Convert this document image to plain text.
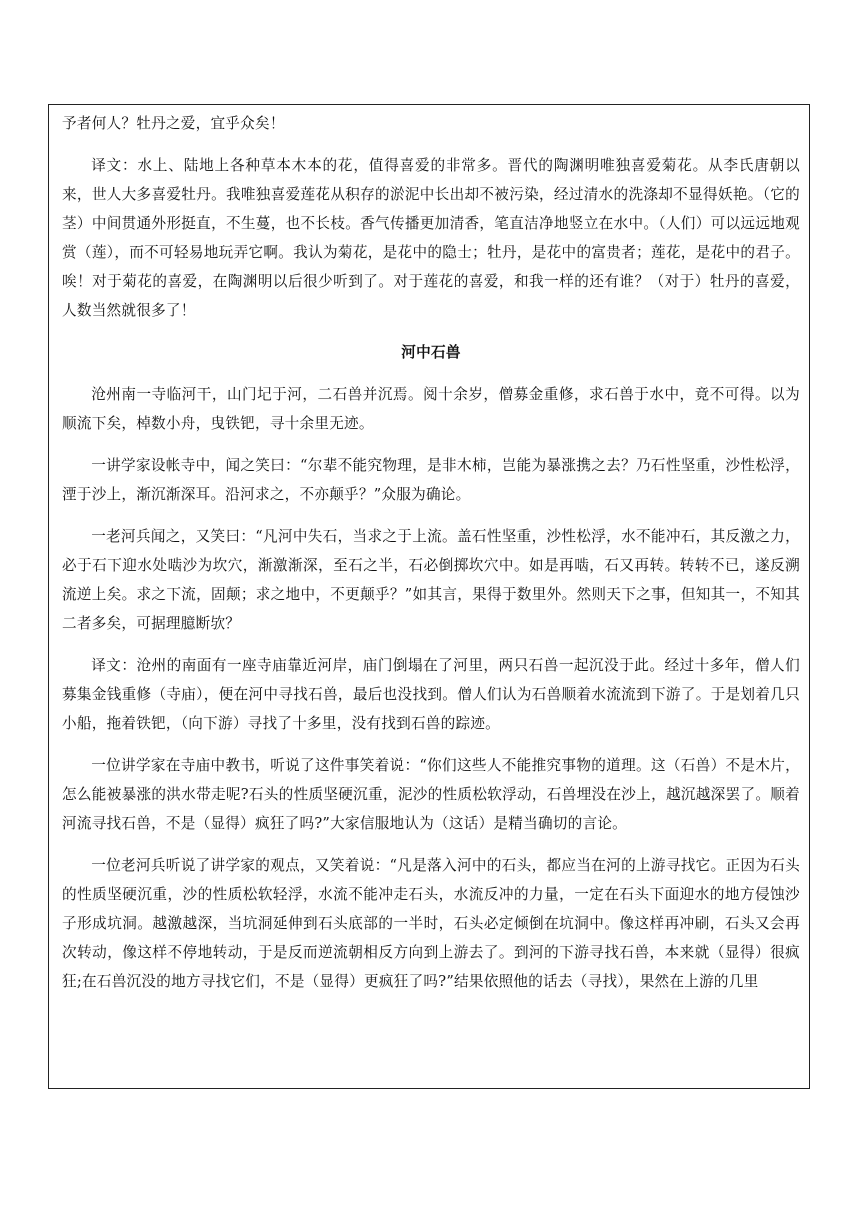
予者何人？牡丹之爱，宜乎众矣！

译文：水上、陆地上各种草本木本的花，值得喜爱的非常多。晋代的陶渊明唯独喜爱菊花。从李氏唐朝以来，世人大多喜爱牡丹。我唯独喜爱莲花从积存的淤泥中长出却不被污染，经过清水的洗涤却不显得妖艳。（它的茎）中间贯通外形挺直，不生蔓，也不长枝。香气传播更加清香，笔直洁净地竖立在水中。（人们）可以远远地观赏（莲），而不可轻易地玩弄它啊。我认为菊花，是花中的隐士；牡丹，是花中的富贵者；莲花，是花中的君子。唉！对于菊花的喜爱，在陶渊明以后很少听到了。对于莲花的喜爱，和我一样的还有谁？（对于）牡丹的喜爱，人数当然就很多了！

河中石兽

沧州南一寺临河干，山门圮于河，二石兽并沉焉。阅十余岁，僧募金重修，求石兽于水中，竟不可得。以为顺流下矣，棹数小舟，曳铁钯，寻十余里无迹。

一讲学家设帐寺中，闻之笑曰：“尔辈不能究物理，是非木柿，岂能为暴涨携之去？乃石性坚重，沙性松浮，湮于沙上，渐沉渐深耳。沿河求之，不亦颠乎？”众服为确论。

一老河兵闻之，又笑曰：“凡河中失石，当求之于上流。盖石性坚重，沙性松浮，水不能冲石，其反激之力，必于石下迎水处啮沙为坎穴，渐激渐深，至石之半，石必倒掷坎穴中。如是再啮，石又再转。转转不已，遂反溯流逆上矣。求之下流，固颠；求之地中，不更颠乎？”如其言，果得于数里外。然则天下之事，但知其一，不知其二者多矣，可据理臆断欤？

译文：沧州的南面有一座寺庙靠近河岸，庙门倒塌在了河里，两只石兽一起沉没于此。经过十多年，僧人们募集金钱重修（寺庙），便在河中寻找石兽，最后也没找到。僧人们认为石兽顺着水流流到下游了。于是划着几只小船，拖着铁钯，（向下游）寻找了十多里，没有找到石兽的踪迹。

一位讲学家在寺庙中教书，听说了这件事笑着说：“你们这些人不能推究事物的道理。这（石兽）不是木片，怎么能被暴涨的洪水带走呢?石头的性质坚硬沉重，泥沙的性质松软浮动，石兽埋没在沙上，越沉越深罢了。顺着河流寻找石兽，不是（显得）疯狂了吗?”大家信服地认为（这话）是精当确切的言论。

一位老河兵听说了讲学家的观点，又笑着说：“凡是落入河中的石头，都应当在河的上游寻找它。正因为石头的性质坚硬沉重，沙的性质松软轻浮，水流不能冲走石头，水流反冲的力量，一定在石头下面迎水的地方侵蚀沙子形成坑洞。越激越深，当坑洞延伸到石头底部的一半时，石头必定倾倒在坑洞中。像这样再冲刷，石头又会再次转动，像这样不停地转动，于是反而逆流朝相反方向到上游去了。到河的下游寻找石兽，本来就（显得）很疯狂;在石兽沉没的地方寻找它们，不是（显得）更疯狂了吗?”结果依照他的话去（寻找），果然在上游的几里
